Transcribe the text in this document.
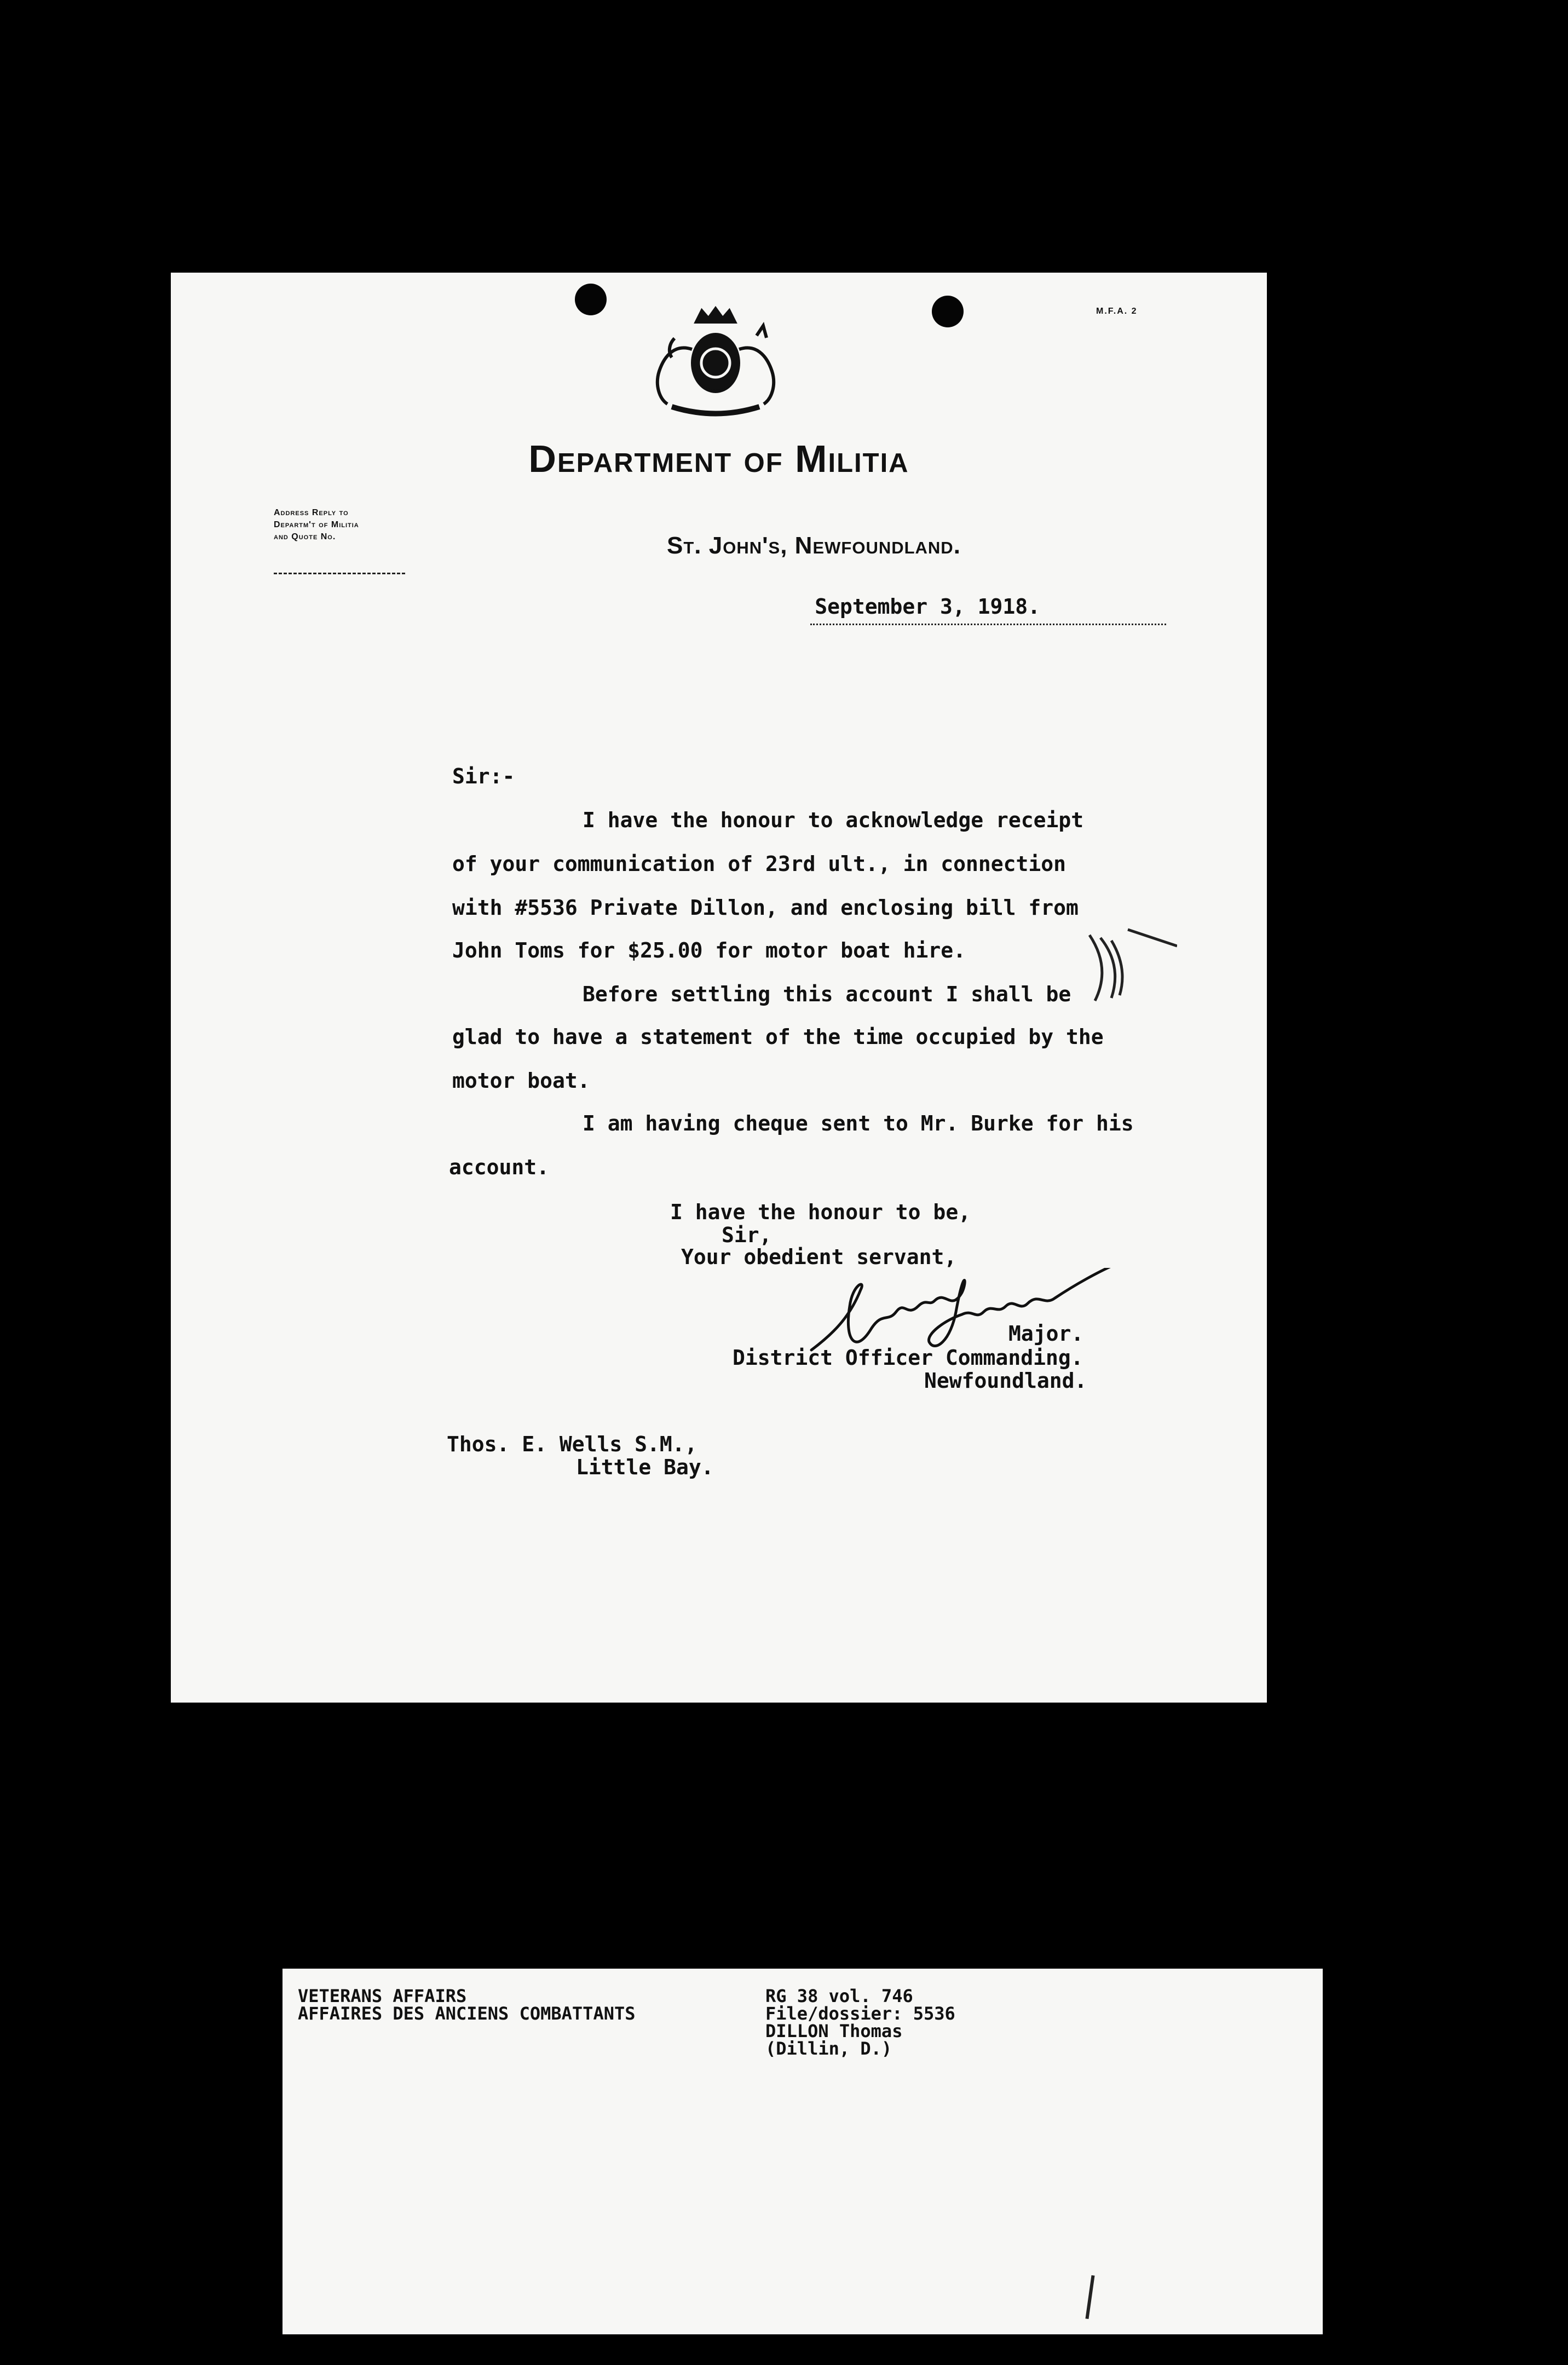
M.F.A. 2
Department of Militia
Address Reply to
Departm't of Militia
and Quote No.	St. John's, Newfoundland.
September 3, 1918.
Sir:-
I have the honour to acknowledge receipt
of your communication of 23rd ult., in connection
with #5536 Private Dillon, and enclosing bill from
John Toms for $25.00 for motor boat hire.
Before settling this account I shall be
glad to have a statement of the time occupied by the
motor boat.
I am having cheque sent to Mr. Burke for his
account.
I have the honour to be,
Sir,
Your obedient servant,
Major.
District Officer Commanding.
Newfoundland.
Thos. E. Wells S.M.,
Little Bay.
VETERANS AFFAIRS
AFFAIRES DES ANCIENS COMBATTANTS
RG 38 vol. 746
File/dossier: 5536
DILLON Thomas
(Dillin, D.)
